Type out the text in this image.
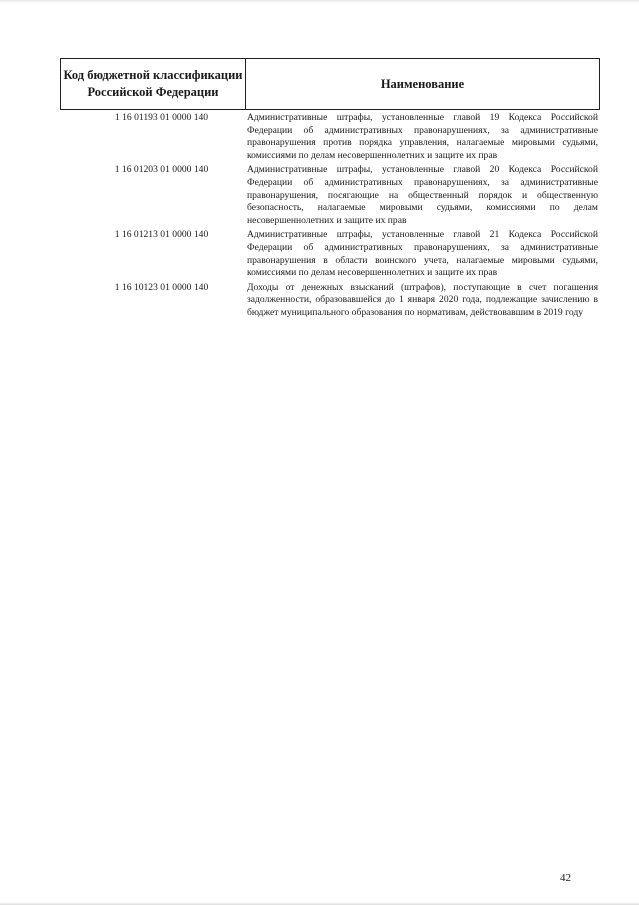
Код бюджетной классификации Российской Федерации
Наименование
1 16 01193 01 0000 140	Административные штрафы, установленные главой 19 Кодекса Российской Федерации об административных правонарушениях, за административные правонарушения против порядка управления, налагаемые мировыми судьями, комиссиями по делам несовершеннолетних и защите их прав
1 16 01203 01 0000 140	Административные штрафы, установленные главой 20 Кодекса Российской Федерации об административных правонарушениях, за административные правонарушения, посягающие на общественный порядок и общественную безопасность, налагаемые мировыми судьями, комиссиями по делам несовершеннолетних и защите их прав
1 16 01213 01 0000 140	Административные штрафы, установленные главой 21 Кодекса Российской Федерации об административных правонарушениях, за административные правонарушения в области воинского учета, налагаемые мировыми судьями, комиссиями по делам несовершеннолетних и защите их прав
1 16 10123 01 0000 140	Доходы от денежных взысканий (штрафов), поступающие в счет погашения задолженности, образовавшейся до 1 января 2020 года, подлежащие зачислению в бюджет муниципального образования по нормативам, действовавшим в 2019 году
42
